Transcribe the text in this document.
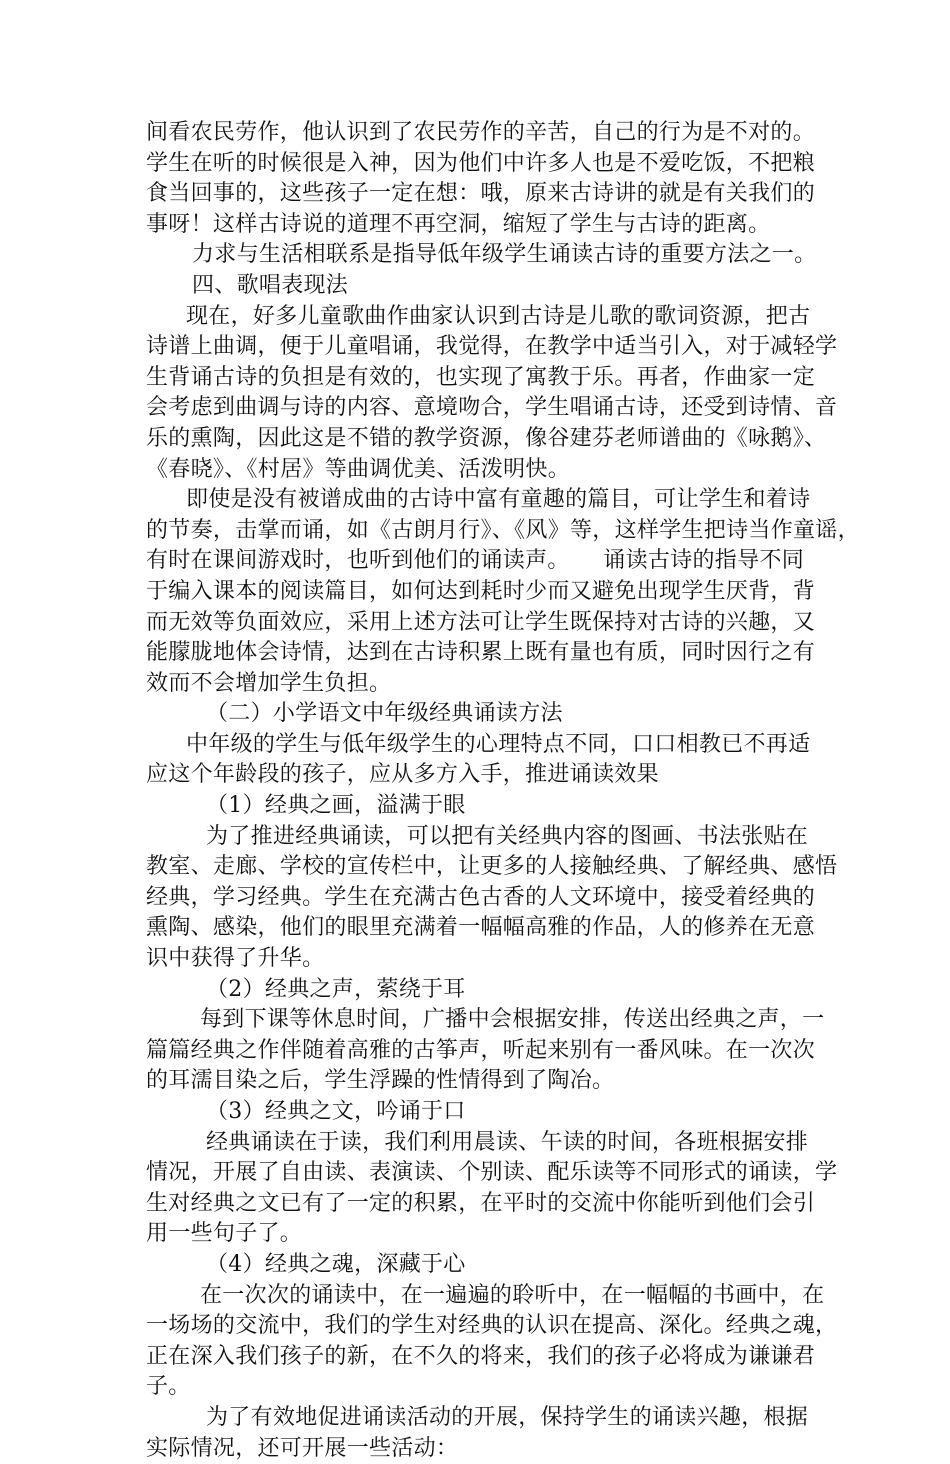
间看农民劳作，他认识到了农民劳作的辛苦，自己的行为是不对的。
学生在听的时候很是入神，因为他们中许多人也是不爱吃饭，不把粮
食当回事的，这些孩子一定在想：哦，原来古诗讲的就是有关我们的
事呀！这样古诗说的道理不再空洞，缩短了学生与古诗的距离。
力求与生活相联系是指导低年级学生诵读古诗的重要方法之一。
四、歌唱表现法
现在，好多儿童歌曲作曲家认识到古诗是儿歌的歌词资源，把古
诗谱上曲调，便于儿童唱诵，我觉得，在教学中适当引入，对于减轻学
生背诵古诗的负担是有效的，也实现了寓教于乐。再者，作曲家一定
会考虑到曲调与诗的内容、意境吻合，学生唱诵古诗，还受到诗情、音
乐的熏陶，因此这是不错的教学资源，像谷建芬老师谱曲的《咏鹅》、
《春晓》、《村居》等曲调优美、活泼明快。
即使是没有被谱成曲的古诗中富有童趣的篇目，可让学生和着诗
的节奏，击掌而诵，如《古朗月行》、《风》等，这样学生把诗当作童谣，
有时在课间游戏时，也听到他们的诵读声。　　诵读古诗的指导不同
于编入课本的阅读篇目，如何达到耗时少而又避免出现学生厌背，背
而无效等负面效应，采用上述方法可让学生既保持对古诗的兴趣，又
能朦胧地体会诗情，达到在古诗积累上既有量也有质，同时因行之有
效而不会增加学生负担。
（二）小学语文中年级经典诵读方法
中年级的学生与低年级学生的心理特点不同，口口相教已不再适
应这个年龄段的孩子，应从多方入手，推进诵读效果
（1）经典之画，溢满于眼
为了推进经典诵读，可以把有关经典内容的图画、书法张贴在
教室、走廊、学校的宣传栏中，让更多的人接触经典、了解经典、感悟
经典，学习经典。学生在充满古色古香的人文环境中，接受着经典的
熏陶、感染，他们的眼里充满着一幅幅高雅的作品，人的修养在无意
识中获得了升华。
（2）经典之声，萦绕于耳
每到下课等休息时间，广播中会根据安排，传送出经典之声，一
篇篇经典之作伴随着高雅的古筝声，听起来别有一番风味。在一次次
的耳濡目染之后，学生浮躁的性情得到了陶冶。
（3）经典之文，吟诵于口
经典诵读在于读，我们利用晨读、午读的时间，各班根据安排
情况，开展了自由读、表演读、个别读、配乐读等不同形式的诵读，学
生对经典之文已有了一定的积累，在平时的交流中你能听到他们会引
用一些句子了。
（4）经典之魂，深藏于心
在一次次的诵读中，在一遍遍的聆听中，在一幅幅的书画中，在
一场场的交流中，我们的学生对经典的认识在提高、深化。经典之魂，
正在深入我们孩子的新，在不久的将来，我们的孩子必将成为谦谦君
子。
为了有效地促进诵读活动的开展，保持学生的诵读兴趣，根据
实际情况，还可开展一些活动：
